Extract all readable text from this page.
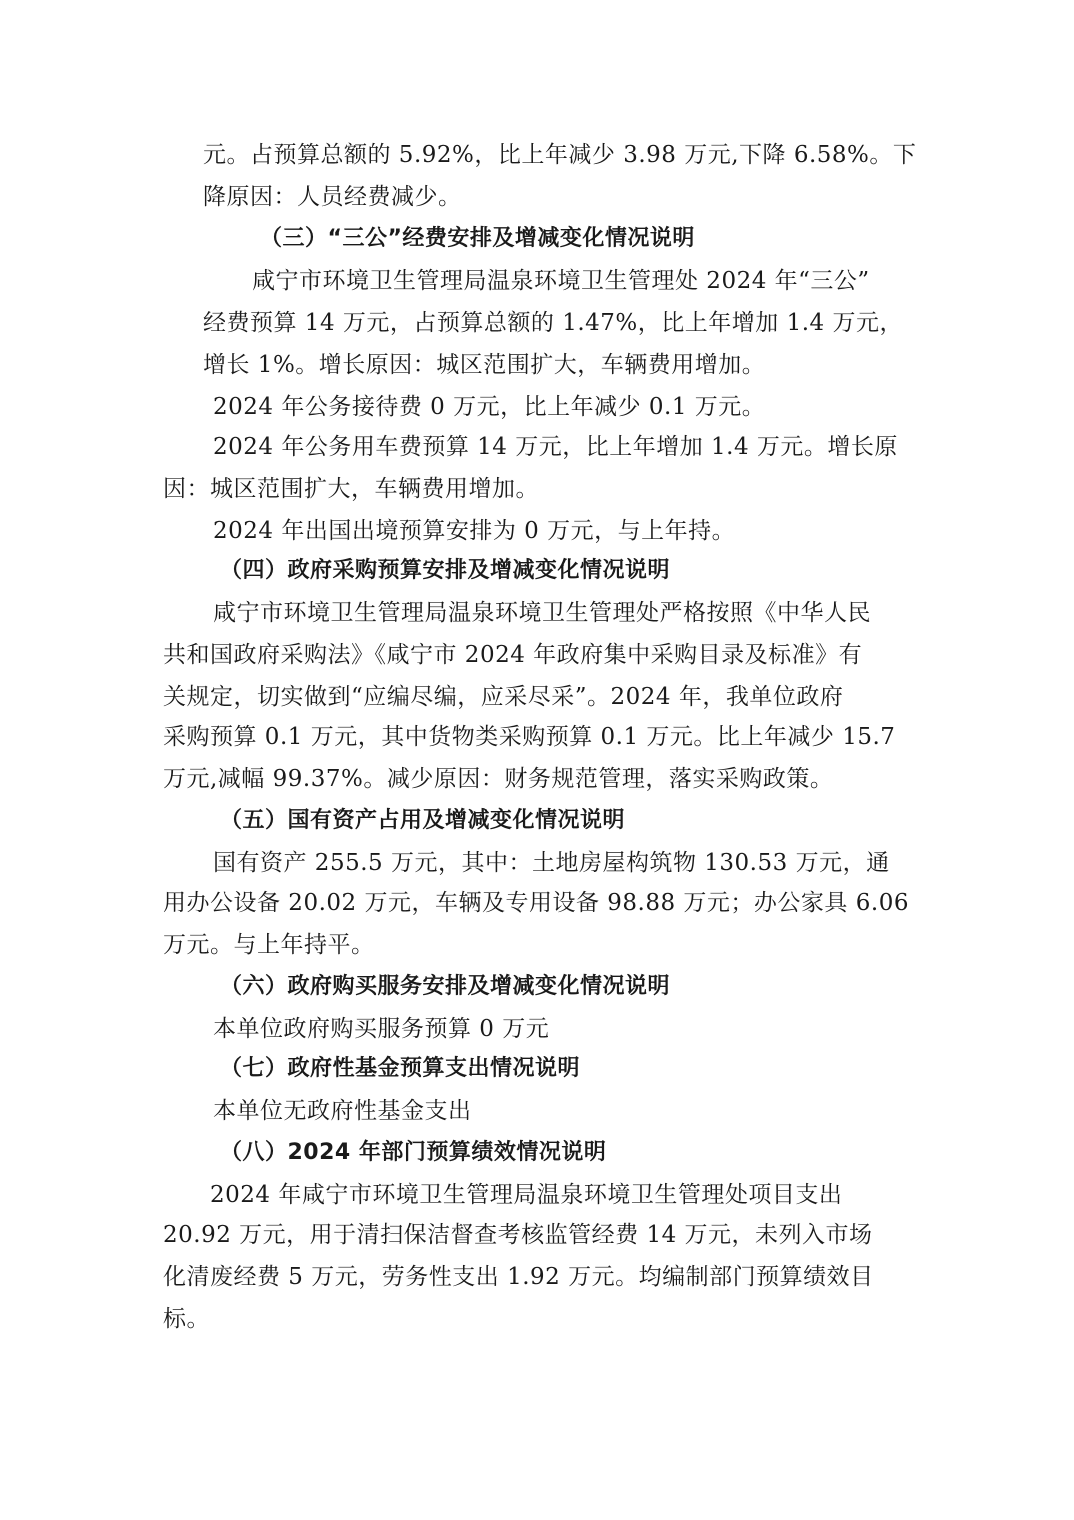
元。占预算总额的 5.92%，比上年减少 3.98 万元,下降 6.58%。下
降原因：人员经费减少。
（三）“三公”经费安排及增减变化情况说明
咸宁市环境卫生管理局温泉环境卫生管理处 2024 年“三公”
经费预算 14 万元，占预算总额的 1.47%，比上年增加 1.4 万元，
增长 1%。增长原因：城区范围扩大，车辆费用增加。
2024 年公务接待费 0 万元，比上年减少 0.1 万元。
2024 年公务用车费预算 14 万元，比上年增加 1.4 万元。增长原
因：城区范围扩大，车辆费用增加。
2024 年出国出境预算安排为 0 万元，与上年持。
（四）政府采购预算安排及增减变化情况说明
咸宁市环境卫生管理局温泉环境卫生管理处严格按照《中华人民
共和国政府采购法》《咸宁市 2024 年政府集中采购目录及标准》有
关规定，切实做到“应编尽编，应采尽采”。2024 年，我单位政府
采购预算 0.1 万元，其中货物类采购预算 0.1 万元。比上年减少 15.7
万元,减幅 99.37%。减少原因：财务规范管理，落实采购政策。
（五）国有资产占用及增减变化情况说明
国有资产 255.5 万元，其中：土地房屋构筑物 130.53 万元，通
用办公设备 20.02 万元，车辆及专用设备 98.88 万元；办公家具 6.06
万元。与上年持平。
（六）政府购买服务安排及增减变化情况说明
本单位政府购买服务预算 0 万元
（七）政府性基金预算支出情况说明
本单位无政府性基金支出
（八）2024 年部门预算绩效情况说明
2024 年咸宁市环境卫生管理局温泉环境卫生管理处项目支出
20.92 万元，用于清扫保洁督查考核监管经费 14 万元，未列入市场
化清废经费 5 万元，劳务性支出 1.92 万元。均编制部门预算绩效目
标。
